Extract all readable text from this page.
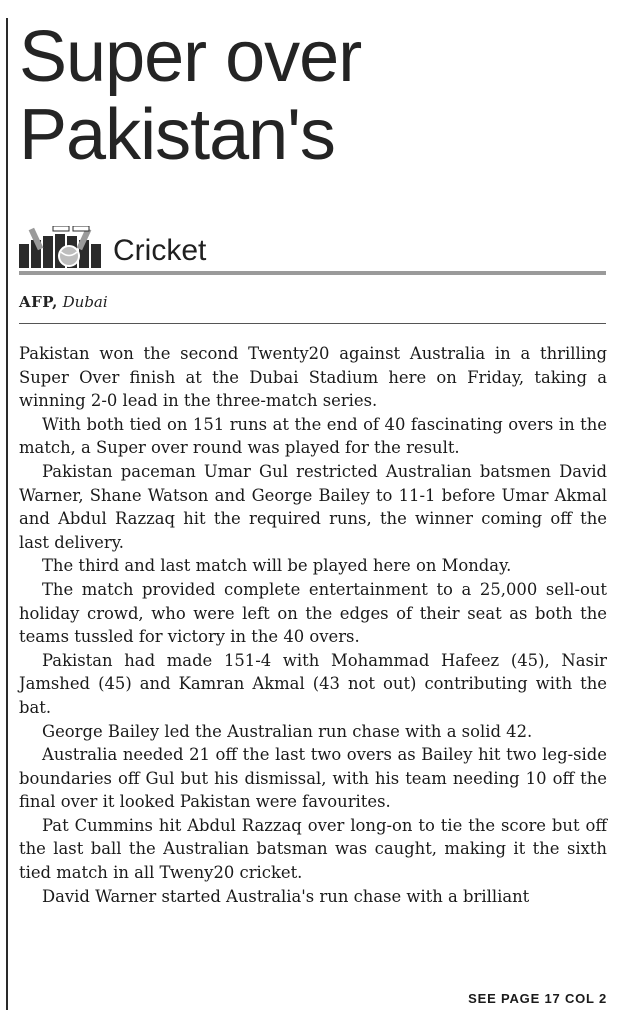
Super over
Pakistan's
Cricket
AFP, Dubai

Pakistan won the second Twenty20 against Australia in a thrilling Super Over finish at the Dubai Stadium here on Friday, taking a winning 2-0 lead in the three-match series.

With both tied on 151 runs at the end of 40 fascinating overs in the match, a Super over round was played for the result.

Pakistan paceman Umar Gul restricted Australian batsmen David Warner, Shane Watson and George Bailey to 11-1 before Umar Akmal and Abdul Razzaq hit the required runs, the winner coming off the last delivery.

The third and last match will be played here on Monday.

The match provided complete entertainment to a 25,000 sell-out holiday crowd, who were left on the edges of their seat as both the teams tussled for victory in the 40 overs.

Pakistan had made 151-4 with Mohammad Hafeez (45), Nasir Jamshed (45) and Kamran Akmal (43 not out) contributing with the bat.

George Bailey led the Australian run chase with a solid 42.

Australia needed 21 off the last two overs as Bailey hit two leg-side boundaries off Gul but his dismissal, with his team needing 10 off the final over it looked Pakistan were favourites.

Pat Cummins hit Abdul Razzaq over long-on to tie the score but off the last ball the Australian batsman was caught, making it the sixth tied match in all Tweny20 cricket.

David Warner started Australia's run chase with a brilliant

SEE PAGE 17 COL 2
